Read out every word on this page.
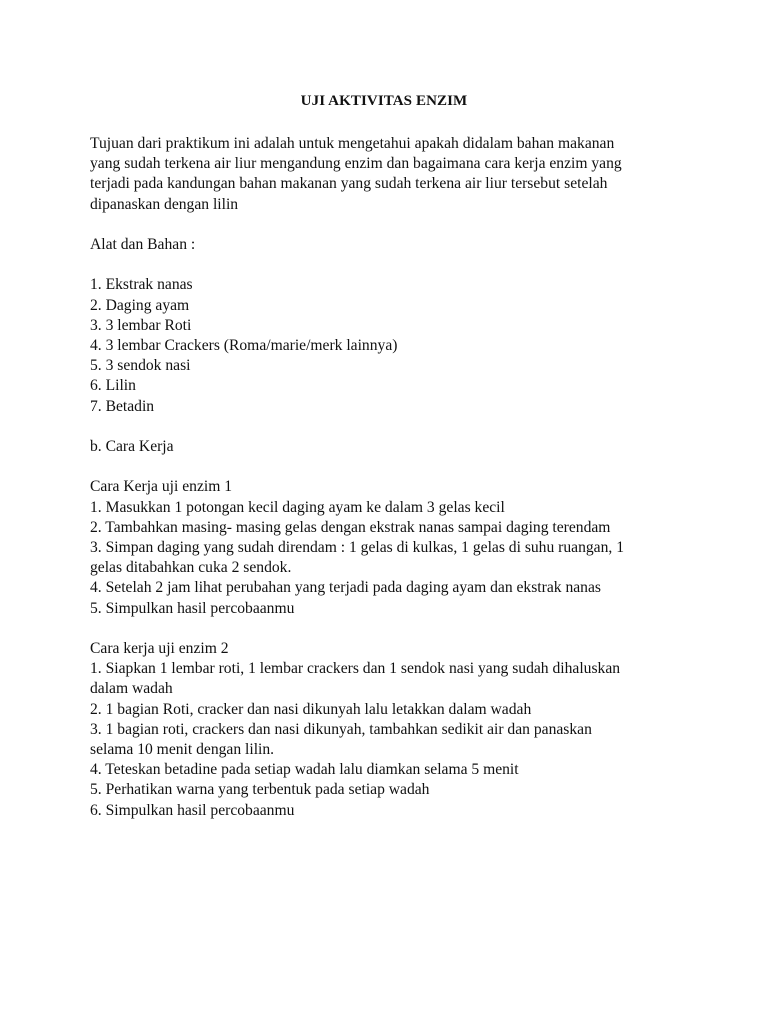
UJI AKTIVITAS ENZIM
Tujuan dari praktikum ini adalah untuk mengetahui apakah didalam bahan makanan
yang sudah terkena air liur mengandung enzim dan bagaimana cara kerja enzim yang
terjadi pada kandungan bahan makanan yang sudah terkena air liur tersebut setelah
dipanaskan dengan lilin
Alat dan Bahan :
1. Ekstrak nanas
2. Daging ayam
3. 3 lembar Roti
4. 3 lembar Crackers (Roma/marie/merk lainnya)
5. 3 sendok nasi
6. Lilin
7. Betadin
b. Cara Kerja
Cara Kerja uji enzim 1
1. Masukkan 1 potongan kecil daging ayam ke dalam 3 gelas kecil
2. Tambahkan masing- masing gelas dengan ekstrak nanas sampai daging terendam
3. Simpan daging yang sudah direndam : 1 gelas di kulkas, 1 gelas di suhu ruangan, 1
gelas ditabahkan cuka 2 sendok.
4. Setelah 2 jam lihat perubahan yang terjadi pada daging ayam dan ekstrak nanas
5. Simpulkan hasil percobaanmu
Cara kerja uji enzim 2
1. Siapkan 1 lembar roti, 1 lembar crackers dan 1 sendok nasi yang sudah dihaluskan
dalam wadah
2. 1 bagian Roti, cracker dan nasi dikunyah lalu letakkan dalam wadah
3. 1 bagian roti, crackers dan nasi dikunyah, tambahkan sedikit air dan panaskan
selama 10 menit dengan lilin.
4. Teteskan betadine pada setiap wadah lalu diamkan selama 5 menit
5. Perhatikan warna yang terbentuk pada setiap wadah
6. Simpulkan hasil percobaanmu
